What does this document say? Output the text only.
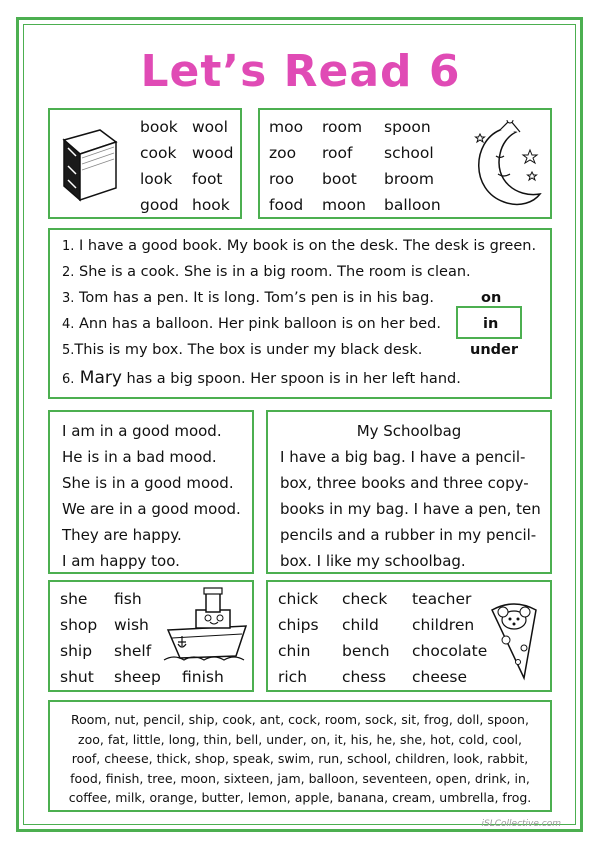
Let’s Read 6
book
cook
look
good
wool
wood
foot
hook
moo
zoo
roo
food
room
roof
boot
moon
spoon
school
broom
balloon
1. I have a good book. My book is on the desk. The desk is green.
2. She is a cook. She is in a big room. The room is clean.
3. Tom has a pen. It is long. Tom’s pen is in his bag.
4. Ann has a balloon. Her pink balloon is on her bed.
5.This is my box. The box is under my black desk.
6. Mary has a big spoon. Her spoon is in her left hand.
on
in
under
I am in a good mood.
He is in a bad mood.
She is in a good mood.
We are in a good mood.
They are happy.
I am happy too.
My Schoolbag
I have a big bag. I have a pencil-
box, three books and three copy-
books in my bag. I have a pen, ten
pencils and a rubber in my pencil-
box. I like my schoolbag.
she
shop
ship
shut
fish
wish
shelf
sheep finish
chick
chips
chin
rich
check
child
bench
chess
teacher
children
chocolate
cheese
Room, nut, pencil, ship, cook, ant, cock, room, sock, sit, frog, doll, spoon,
zoo, fat, little, long, thin, bell, under, on, it, his, he, she, hot, cold, cool,
roof, cheese, thick, shop, speak, swim, run, school, children, look, rabbit,
food, finish, tree, moon, sixteen, jam, balloon, seventeen, open, drink, in,
coffee, milk, orange, butter, lemon, apple, banana, cream, umbrella, frog.
iSLCollective.com
